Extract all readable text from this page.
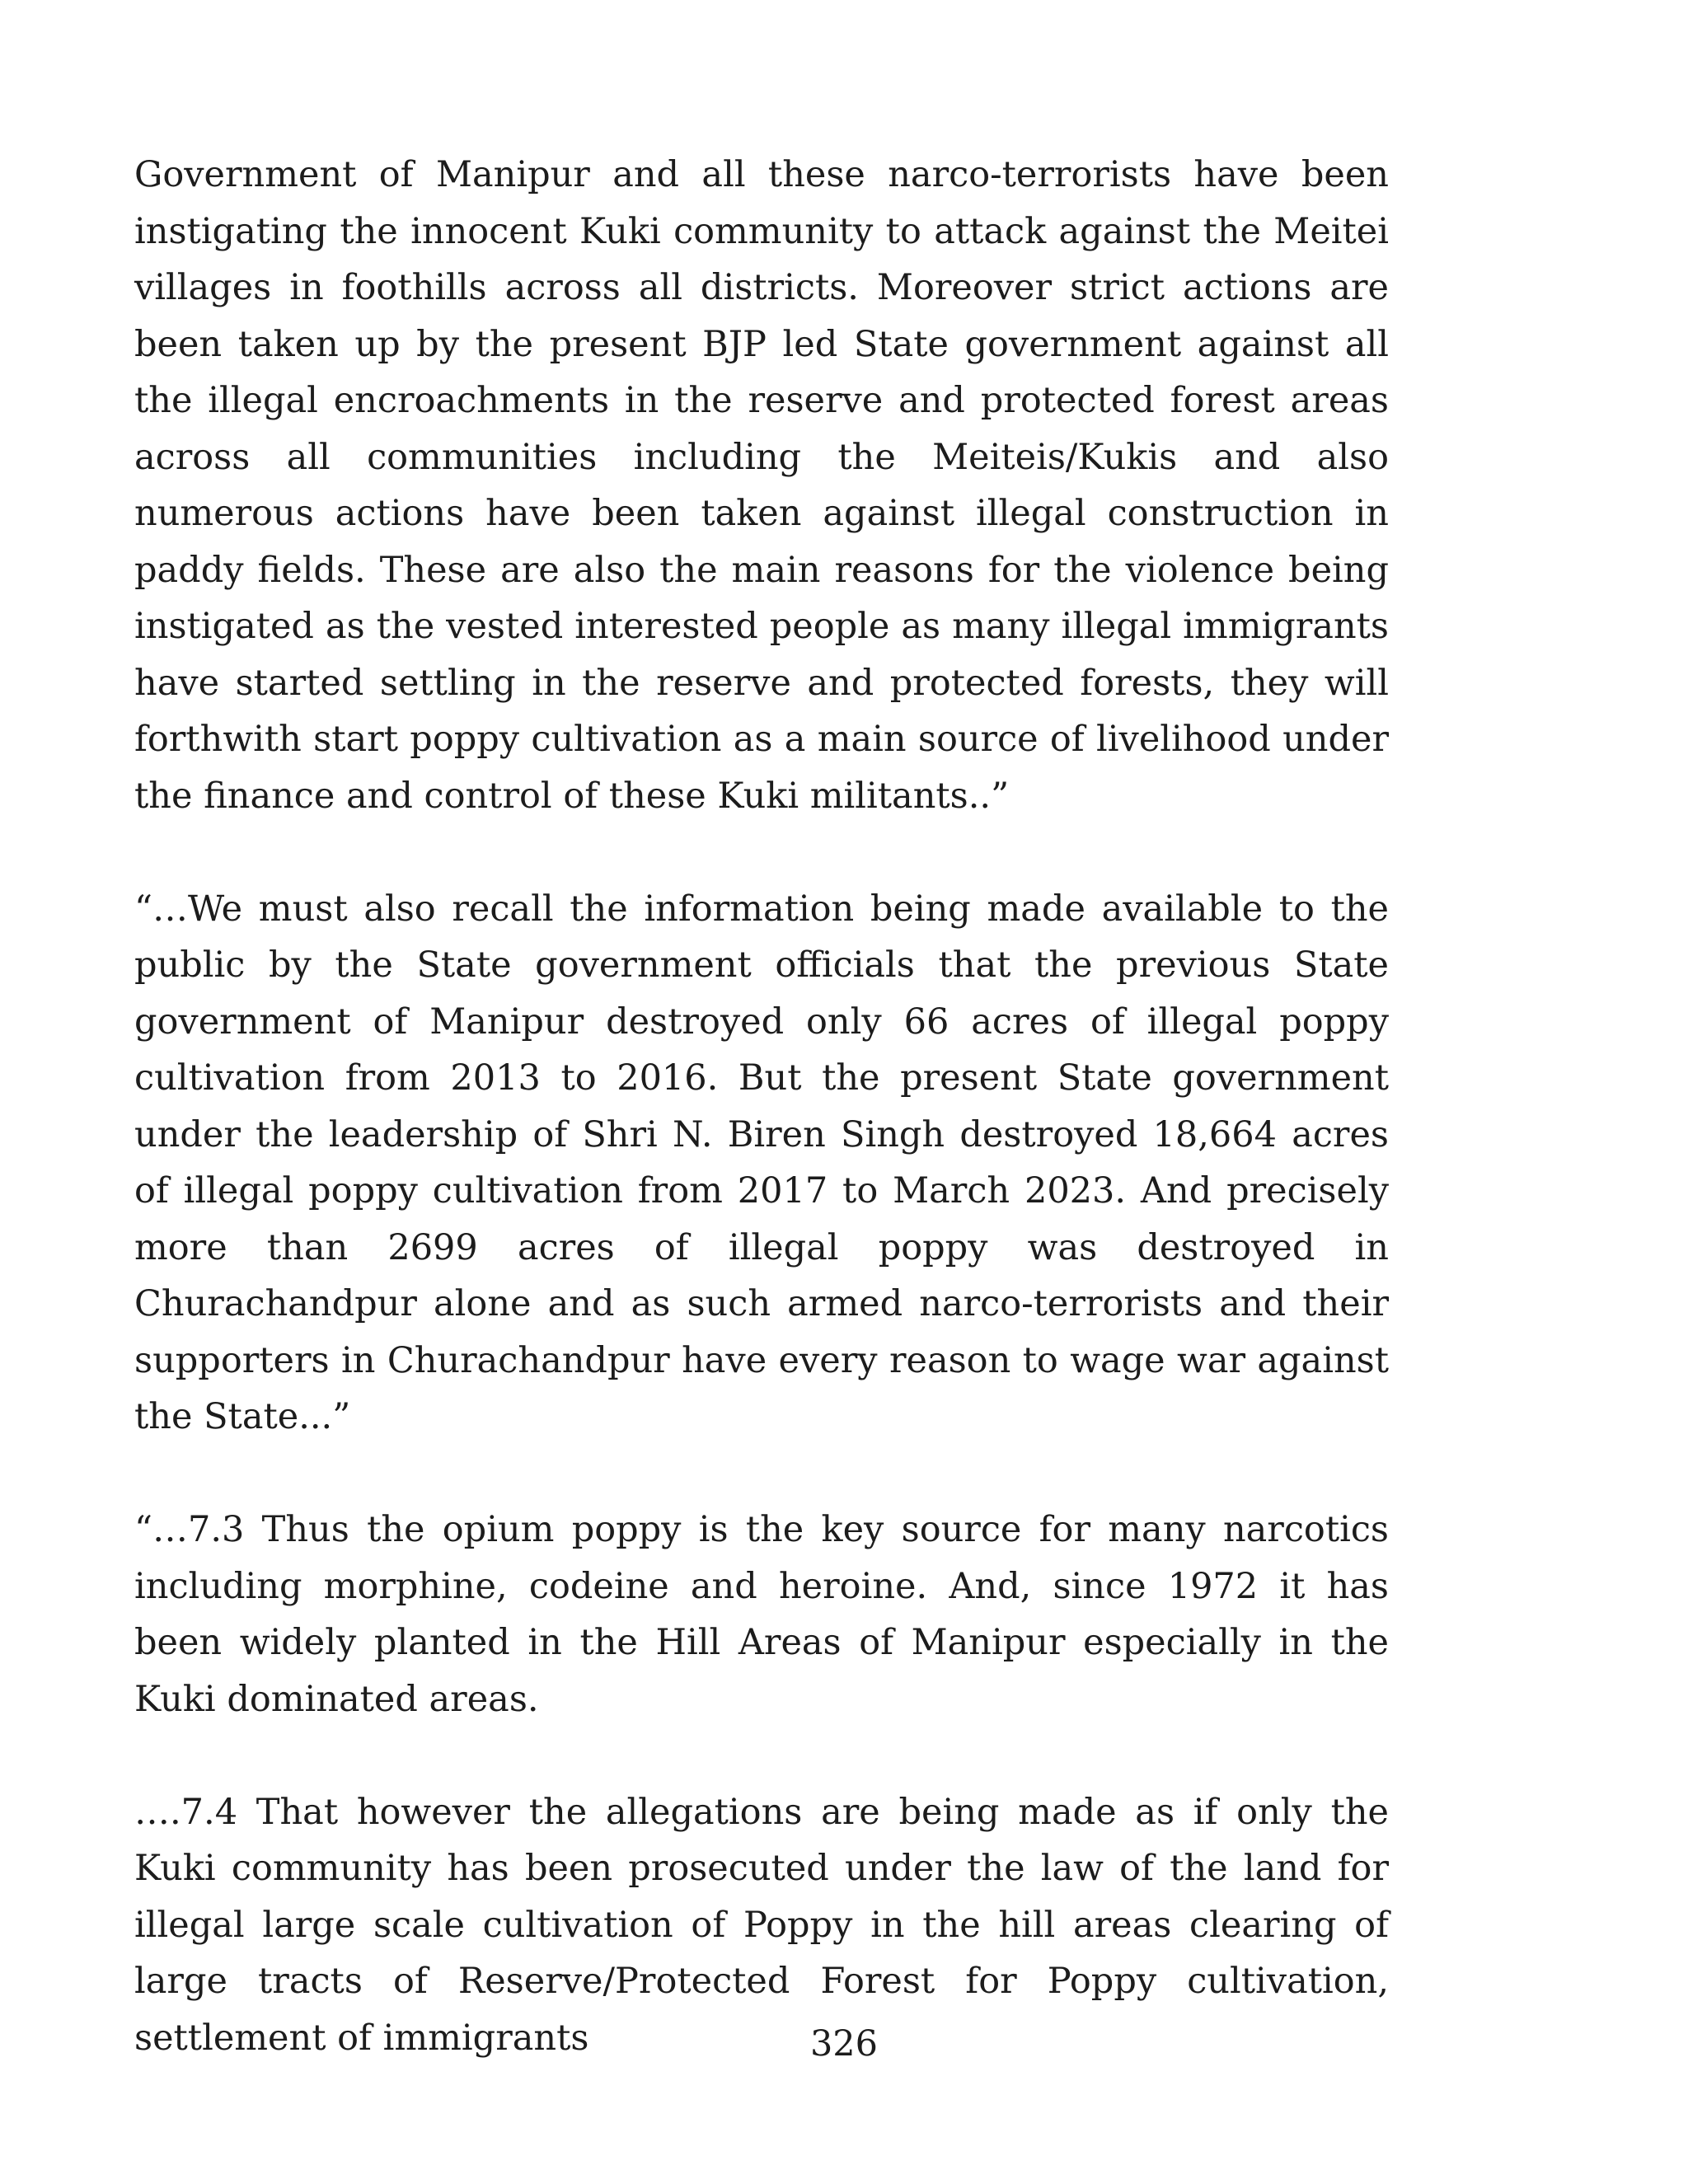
Government of Manipur and all these narco-terrorists have been instigating the innocent Kuki community to attack against the Meitei villages in foothills across all districts. Moreover strict actions are been taken up by the present BJP led State government against all the illegal encroachments in the reserve and protected forest areas across all communities including the Meiteis/Kukis and also numerous actions have been taken against illegal construction in paddy fields. These are also the main reasons for the violence being instigated as the vested interested people as many illegal immigrants have started settling in the reserve and protected forests, they will forthwith start poppy cultivation as a main source of livelihood under the finance and control of these Kuki militants..”

“…We must also recall the information being made available to the public by the State government officials that the previous State government of Manipur destroyed only 66 acres of illegal poppy cultivation from 2013 to 2016. But the present State government under the leadership of Shri N. Biren Singh destroyed 18,664 acres of illegal poppy cultivation from 2017 to March 2023. And precisely more than 2699 acres of illegal poppy was destroyed in Churachandpur alone and as such armed narco-terrorists and their supporters in Churachandpur have every reason to wage war against the State...”

“…7.3 Thus the opium poppy is the key source for many narcotics including morphine, codeine and heroine. And, since 1972 it has been widely planted in the Hill Areas of Manipur especially in the Kuki dominated areas.

….7.4 That however the allegations are being made as if only the Kuki community has been prosecuted under the law of the land for illegal large scale cultivation of Poppy in the hill areas clearing of large tracts of Reserve/Protected Forest for Poppy cultivation, settlement of immigrants	326
